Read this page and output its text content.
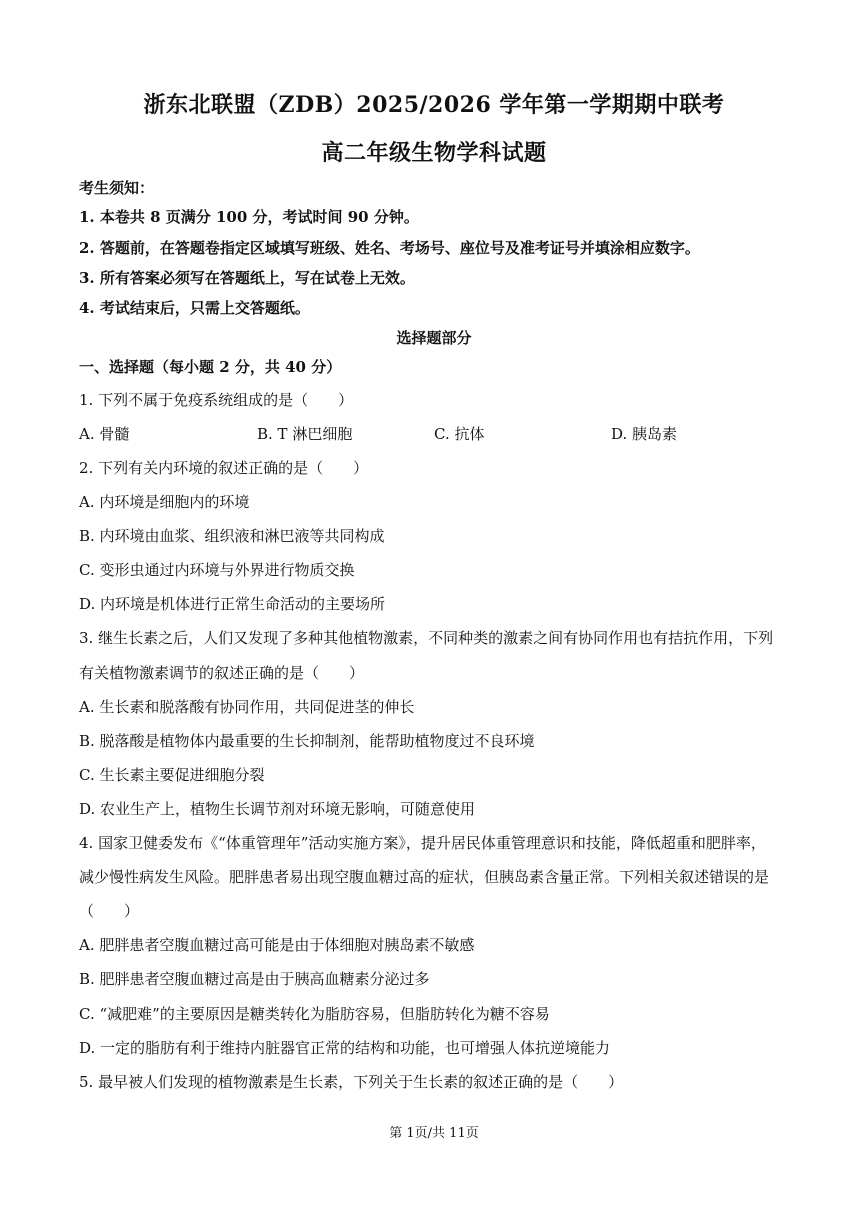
浙东北联盟（ZDB）2025/2026 学年第一学期期中联考
高二年级生物学科试题
考生须知：
1. 本卷共 8 页满分 100 分，考试时间 90 分钟。
2. 答题前，在答题卷指定区域填写班级、姓名、考场号、座位号及准考证号并填涂相应数字。
3. 所有答案必须写在答题纸上，写在试卷上无效。
4. 考试结束后，只需上交答题纸。
选择题部分
一、选择题（每小题 2 分，共 40 分）
1. 下列不属于免疫系统组成的是（　　）
A. 骨髓	B. T 淋巴细胞	C. 抗体	D. 胰岛素
2. 下列有关内环境的叙述正确的是（　　）
A. 内环境是细胞内的环境
B. 内环境由血浆、组织液和淋巴液等共同构成
C. 变形虫通过内环境与外界进行物质交换
D. 内环境是机体进行正常生命活动的主要场所
3. 继生长素之后，人们又发现了多种其他植物激素，不同种类的激素之间有协同作用也有拮抗作用，下列
有关植物激素调节的叙述正确的是（　　）
A. 生长素和脱落酸有协同作用，共同促进茎的伸长
B. 脱落酸是植物体内最重要的生长抑制剂，能帮助植物度过不良环境
C. 生长素主要促进细胞分裂
D. 农业生产上，植物生长调节剂对环境无影响，可随意使用
4. 国家卫健委发布《“体重管理年”活动实施方案》，提升居民体重管理意识和技能，降低超重和肥胖率，
减少慢性病发生风险。肥胖患者易出现空腹血糖过高的症状，但胰岛素含量正常。下列相关叙述错误的是
（　　）
A. 肥胖患者空腹血糖过高可能是由于体细胞对胰岛素不敏感
B. 肥胖患者空腹血糖过高是由于胰高血糖素分泌过多
C. “减肥难”的主要原因是糖类转化为脂肪容易，但脂肪转化为糖不容易
D. 一定的脂肪有利于维持内脏器官正常的结构和功能，也可增强人体抗逆境能力
5. 最早被人们发现的植物激素是生长素，下列关于生长素的叙述正确的是（　　）
第 1页/共 11页
